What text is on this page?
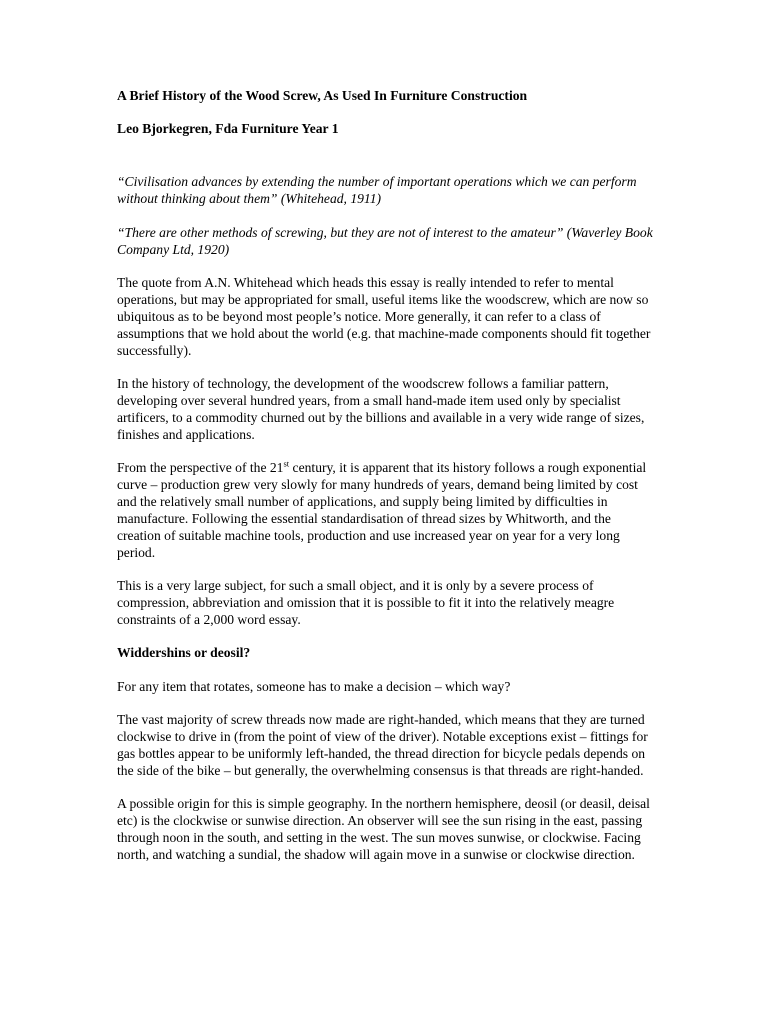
A Brief History of the Wood Screw, As Used In Furniture Construction

Leo Bjorkegren, Fda Furniture Year 1

“Civilisation advances by extending the number of important operations which we can perform without thinking about them” (Whitehead, 1911)

“There are other methods of screwing, but they are not of interest to the amateur” (Waverley Book Company Ltd, 1920)

The quote from A.N. Whitehead which heads this essay is really intended to refer to mental operations, but may be appropriated for small, useful items like the woodscrew, which are now so ubiquitous as to be beyond most people’s notice. More generally, it can refer to a class of assumptions that we hold about the world (e.g. that machine-made components should fit together successfully).

In the history of technology, the development of the woodscrew follows a familiar pattern, developing over several hundred years, from a small hand-made item used only by specialist artificers, to a commodity churned out by the billions and available in a very wide range of sizes, finishes and applications.

From the perspective of the 21st century, it is apparent that its history follows a rough exponential curve – production grew very slowly for many hundreds of years, demand being limited by cost and the relatively small number of applications, and supply being limited by difficulties in manufacture. Following the essential standardisation of thread sizes by Whitworth, and the creation of suitable machine tools, production and use increased year on year for a very long period.

This is a very large subject, for such a small object, and it is only by a severe process of compression, abbreviation and omission that it is possible to fit it into the relatively meagre constraints of a 2,000 word essay.

Widdershins or deosil?

For any item that rotates, someone has to make a decision – which way?

The vast majority of screw threads now made are right-handed, which means that they are turned clockwise to drive in (from the point of view of the driver). Notable exceptions exist – fittings for gas bottles appear to be uniformly left-handed, the thread direction for bicycle pedals depends on the side of the bike – but generally, the overwhelming consensus is that threads are right-handed.

A possible origin for this is simple geography. In the northern hemisphere, deosil (or deasil, deisal etc) is the clockwise or sunwise direction. An observer will see the sun rising in the east, passing through noon in the south, and setting in the west. The sun moves sunwise, or clockwise. Facing north, and watching a sundial, the shadow will again move in a sunwise or clockwise direction.
